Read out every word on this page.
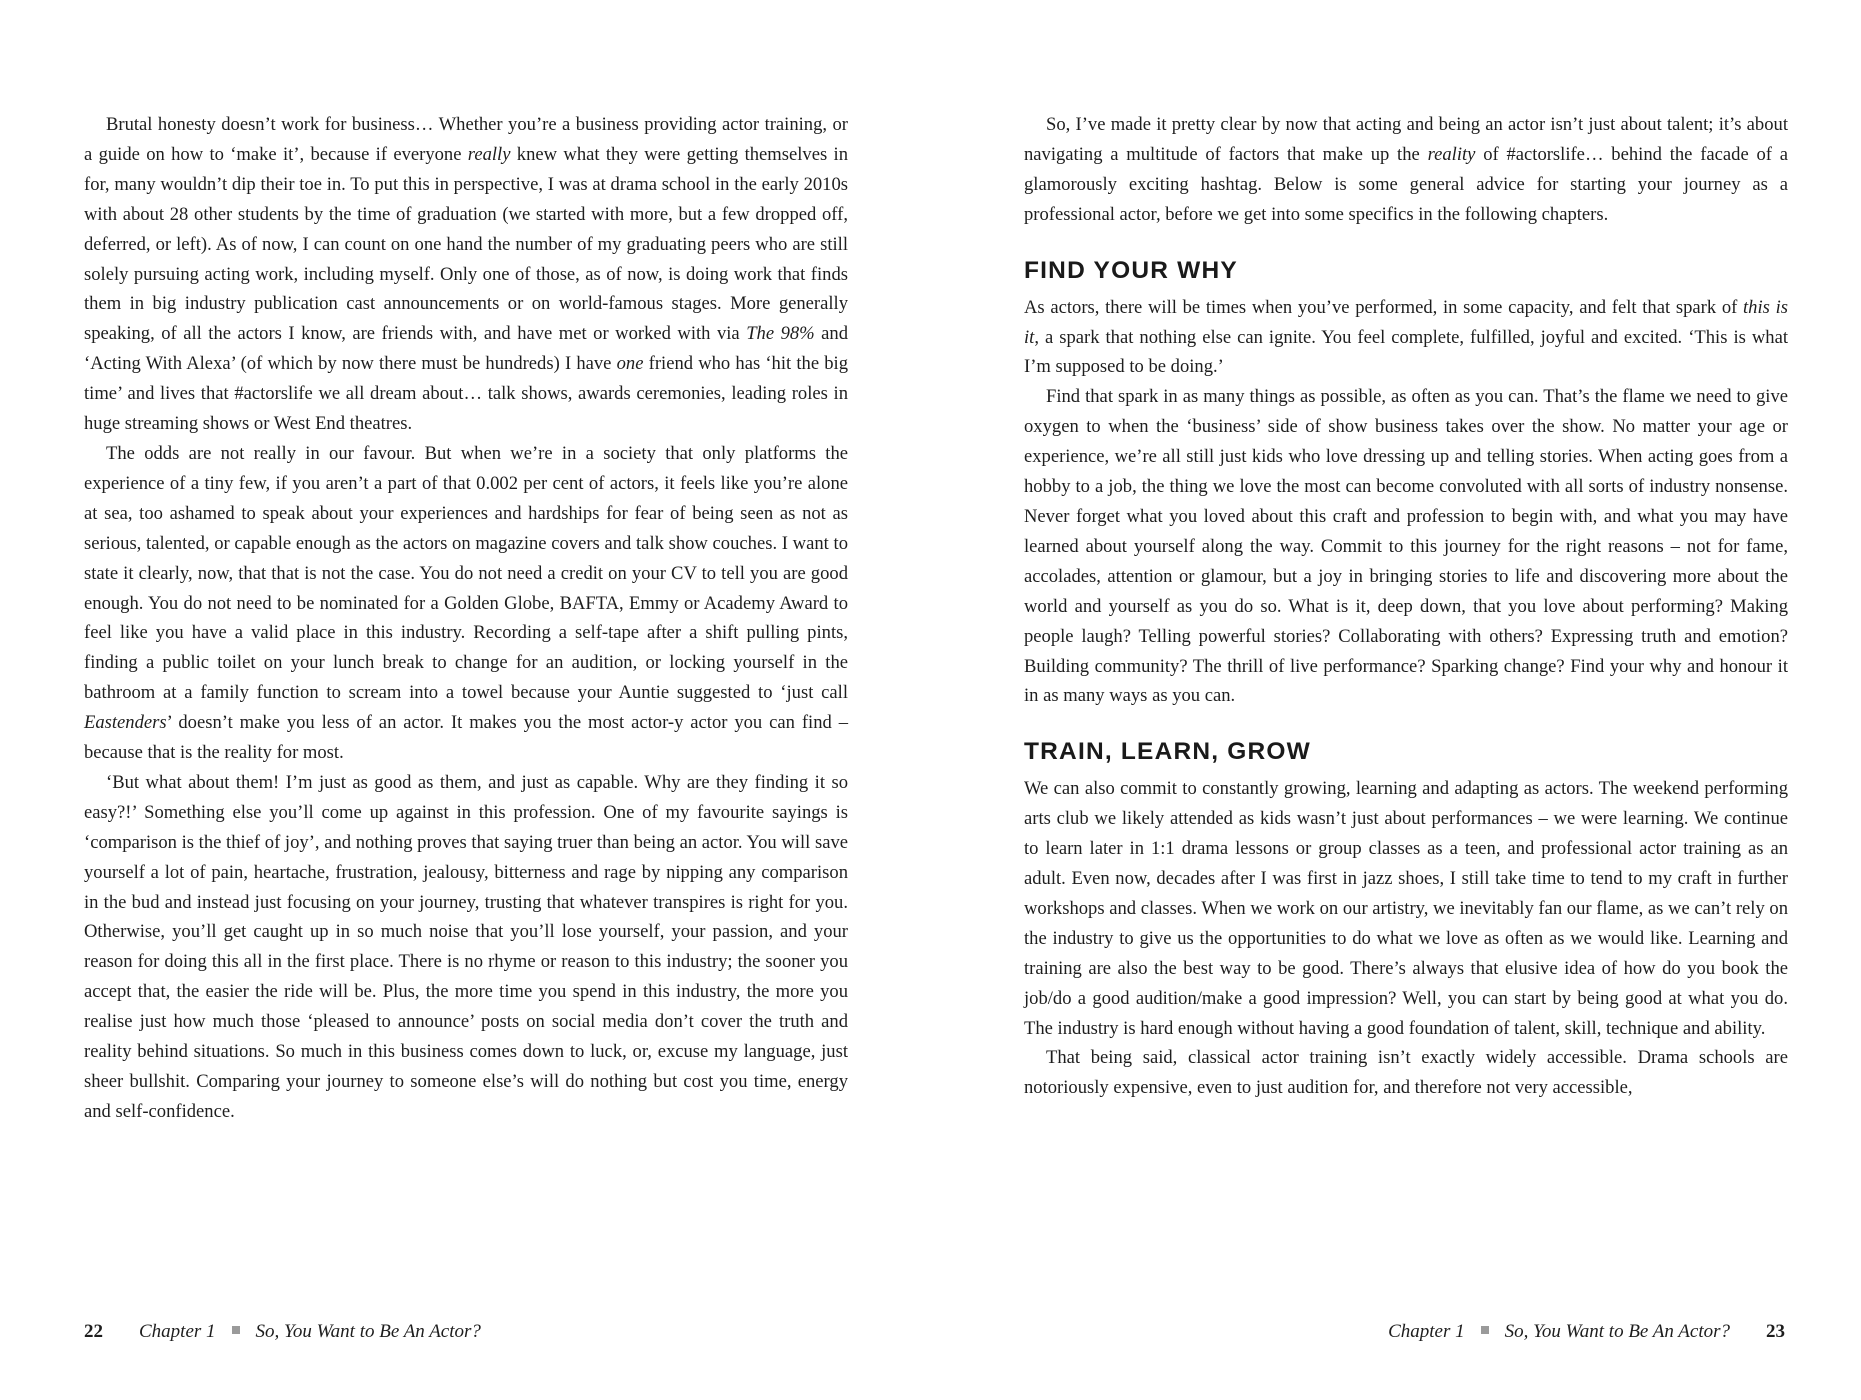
Brutal honesty doesn’t work for business… Whether you’re a business providing actor training, or a guide on how to ‘make it’, because if everyone really knew what they were getting themselves in for, many wouldn’t dip their toe in. To put this in perspective, I was at drama school in the early 2010s with about 28 other students by the time of graduation (we started with more, but a few dropped off, deferred, or left). As of now, I can count on one hand the number of my graduating peers who are still solely pursuing acting work, including myself. Only one of those, as of now, is doing work that finds them in big industry publication cast announcements or on world-famous stages. More generally speaking, of all the actors I know, are friends with, and have met or worked with via The 98% and ‘Acting With Alexa’ (of which by now there must be hundreds) I have one friend who has ‘hit the big time’ and lives that #actorslife we all dream about… talk shows, awards ceremonies, leading roles in huge streaming shows or West End theatres.

The odds are not really in our favour. But when we’re in a society that only platforms the experience of a tiny few, if you aren’t a part of that 0.002 per cent of actors, it feels like you’re alone at sea, too ashamed to speak about your experiences and hardships for fear of being seen as not as serious, talented, or capable enough as the actors on magazine covers and talk show couches. I want to state it clearly, now, that that is not the case. You do not need a credit on your CV to tell you are good enough. You do not need to be nominated for a Golden Globe, BAFTA, Emmy or Academy Award to feel like you have a valid place in this industry. Recording a self-tape after a shift pulling pints, finding a public toilet on your lunch break to change for an audition, or locking yourself in the bathroom at a family function to scream into a towel because your Auntie suggested to ‘just call Eastenders’ doesn’t make you less of an actor. It makes you the most actor-y actor you can find – because that is the reality for most.

‘But what about them! I’m just as good as them, and just as capable. Why are they finding it so easy?!’ Something else you’ll come up against in this profession. One of my favourite sayings is ‘comparison is the thief of joy’, and nothing proves that saying truer than being an actor. You will save yourself a lot of pain, heartache, frustration, jealousy, bitterness and rage by nipping any comparison in the bud and instead just focusing on your journey, trusting that whatever transpires is right for you. Otherwise, you’ll get caught up in so much noise that you’ll lose yourself, your passion, and your reason for doing this all in the first place. There is no rhyme or reason to this industry; the sooner you accept that, the easier the ride will be. Plus, the more time you spend in this industry, the more you realise just how much those ‘pleased to announce’ posts on social media don’t cover the truth and reality behind situations. So much in this business comes down to luck, or, excuse my language, just sheer bullshit. Comparing your journey to someone else’s will do nothing but cost you time, energy and self-confidence.

22 Chapter 1 So, You Want to Be An Actor?

So, I’ve made it pretty clear by now that acting and being an actor isn’t just about talent; it’s about navigating a multitude of factors that make up the reality of #actorslife… behind the facade of a glamorously exciting hashtag. Below is some general advice for starting your journey as a professional actor, before we get into some specifics in the following chapters.

FIND YOUR WHY

As actors, there will be times when you’ve performed, in some capacity, and felt that spark of this is it, a spark that nothing else can ignite. You feel complete, fulfilled, joyful and excited. ‘This is what I’m supposed to be doing.’

Find that spark in as many things as possible, as often as you can. That’s the flame we need to give oxygen to when the ‘business’ side of show business takes over the show. No matter your age or experience, we’re all still just kids who love dressing up and telling stories. When acting goes from a hobby to a job, the thing we love the most can become convoluted with all sorts of industry nonsense. Never forget what you loved about this craft and profession to begin with, and what you may have learned about yourself along the way. Commit to this journey for the right reasons – not for fame, accolades, attention or glamour, but a joy in bringing stories to life and discovering more about the world and yourself as you do so. What is it, deep down, that you love about performing? Making people laugh? Telling powerful stories? Collaborating with others? Expressing truth and emotion? Building community? The thrill of live performance? Sparking change? Find your why and honour it in as many ways as you can.

TRAIN, LEARN, GROW

We can also commit to constantly growing, learning and adapting as actors. The weekend performing arts club we likely attended as kids wasn’t just about performances – we were learning. We continue to learn later in 1:1 drama lessons or group classes as a teen, and professional actor training as an adult. Even now, decades after I was first in jazz shoes, I still take time to tend to my craft in further workshops and classes. When we work on our artistry, we inevitably fan our flame, as we can’t rely on the industry to give us the opportunities to do what we love as often as we would like. Learning and training are also the best way to be good. There’s always that elusive idea of how do you book the job/do a good audition/make a good impression? Well, you can start by being good at what you do. The industry is hard enough without having a good foundation of talent, skill, technique and ability.

That being said, classical actor training isn’t exactly widely accessible. Drama schools are notoriously expensive, even to just audition for, and therefore not very accessible,

Chapter 1 So, You Want to Be An Actor? 23
